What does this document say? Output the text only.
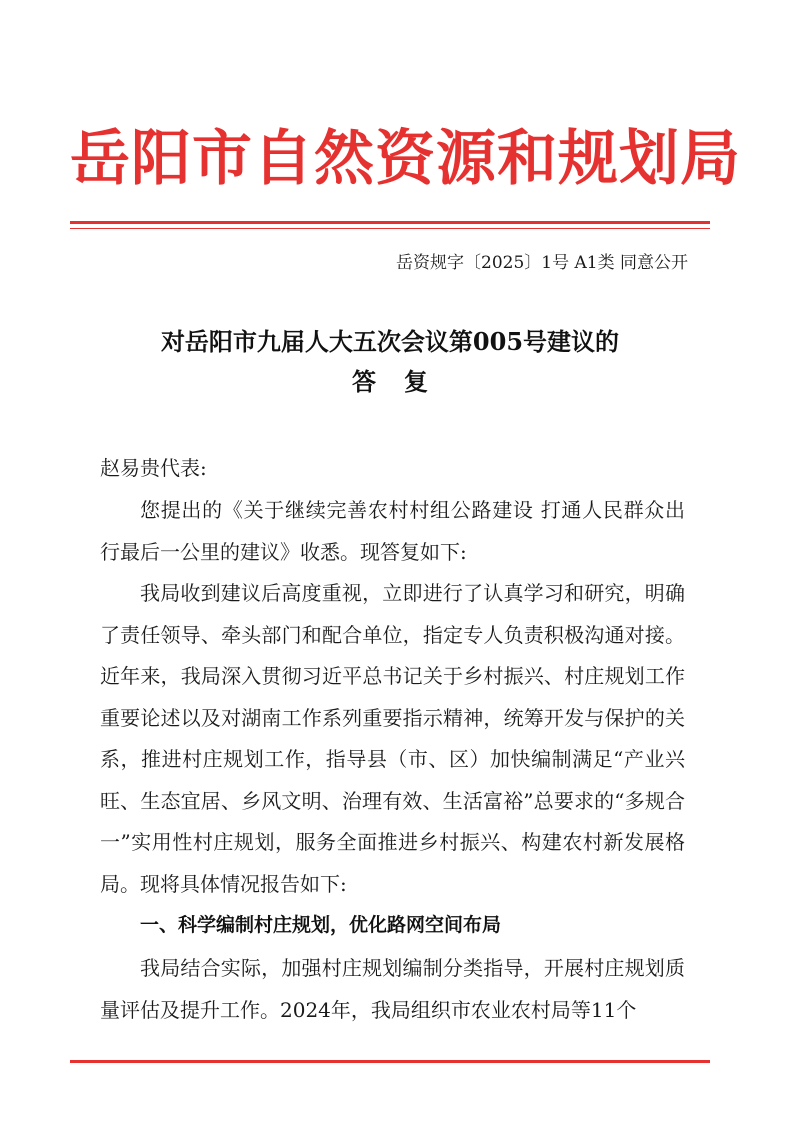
岳阳市自然资源和规划局
岳资规字〔2025〕1号 A1类 同意公开
对岳阳市九届人大五次会议第005号建议的
答复
赵易贵代表:

您提出的《关于继续完善农村村组公路建设 打通人民群众出行最后一公里的建议》收悉。现答复如下:

我局收到建议后高度重视，立即进行了认真学习和研究，明确了责任领导、牵头部门和配合单位，指定专人负责积极沟通对接。近年来，我局深入贯彻习近平总书记关于乡村振兴、村庄规划工作重要论述以及对湖南工作系列重要指示精神，统筹开发与保护的关系，推进村庄规划工作，指导县（市、区）加快编制满足“产业兴旺、生态宜居、乡风文明、治理有效、生活富裕”总要求的“多规合一”实用性村庄规划，服务全面推进乡村振兴、构建农村新发展格局。现将具体情况报告如下:

一、科学编制村庄规划，优化路网空间布局

我局结合实际，加强村庄规划编制分类指导，开展村庄规划质量评估及提升工作。2024年，我局组织市农业农村局等11个
